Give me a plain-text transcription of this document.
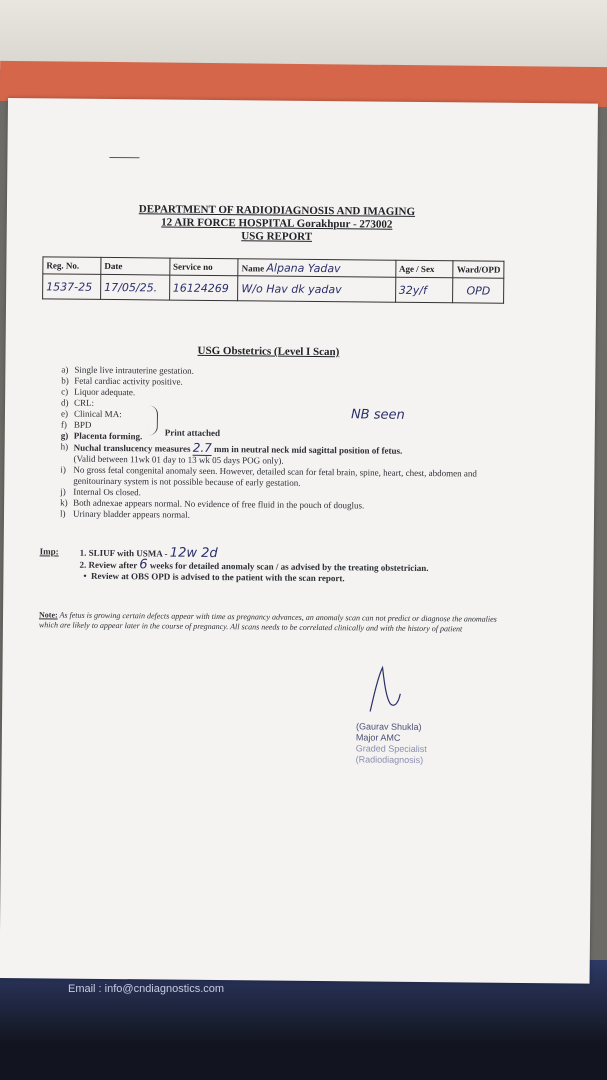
Email : info@cndiagnostics.com
DEPARTMENT OF RADIODIAGNOSIS AND IMAGING
12 AIR FORCE HOSPITAL Gorakhpur - 273002
USG REPORT
Reg. No.	Date	Service no	Name Alpana Yadav	Age / Sex	Ward/OPD
1537-25	17/05/25.	16124269	W/o Hav dk yadav	32y/f	OPD
USG Obstetrics (Level I Scan)
a) Single live intrauterine gestation.
b) Fetal cardiac activity positive.
c) Liquor adequate.
d) CRL:
e) Clinical MA:
f) BPD
g) Placenta forming.
h) Nuchal translucency measures 2.7 mm in neutral neck mid sagittal position of fetus.
(Valid between 11wk 01 day to 13 wk 05 days POG only).
i) No gross fetal congenital anomaly seen. However, detailed scan for fetal brain, spine, heart, chest, abdomen and genitourinary system is not possible because of early gestation.
j) Internal Os closed.
k) Both adnexae appears normal. No evidence of free fluid in the pouch of douglus.
l) Urinary bladder appears normal.
Print attached
NB seen
Imp: 1. SLIUF with USMA - 12w 2d
2. Review after 6 weeks for detailed anomaly scan / as advised by the treating obstetrician.
•  Review at OBS OPD is advised to the patient with the scan report.
Note: As fetus is growing certain defects appear with time as pregnancy advances, an anomaly scan can not predict or diagnose the anomalies which are likely to appear later in the course of pregnancy. All scans needs to be correlated clinically and with the history of patient
(Gaurav Shukla)
Major AMC
Graded Specialist
(Radiodiagnosis)
